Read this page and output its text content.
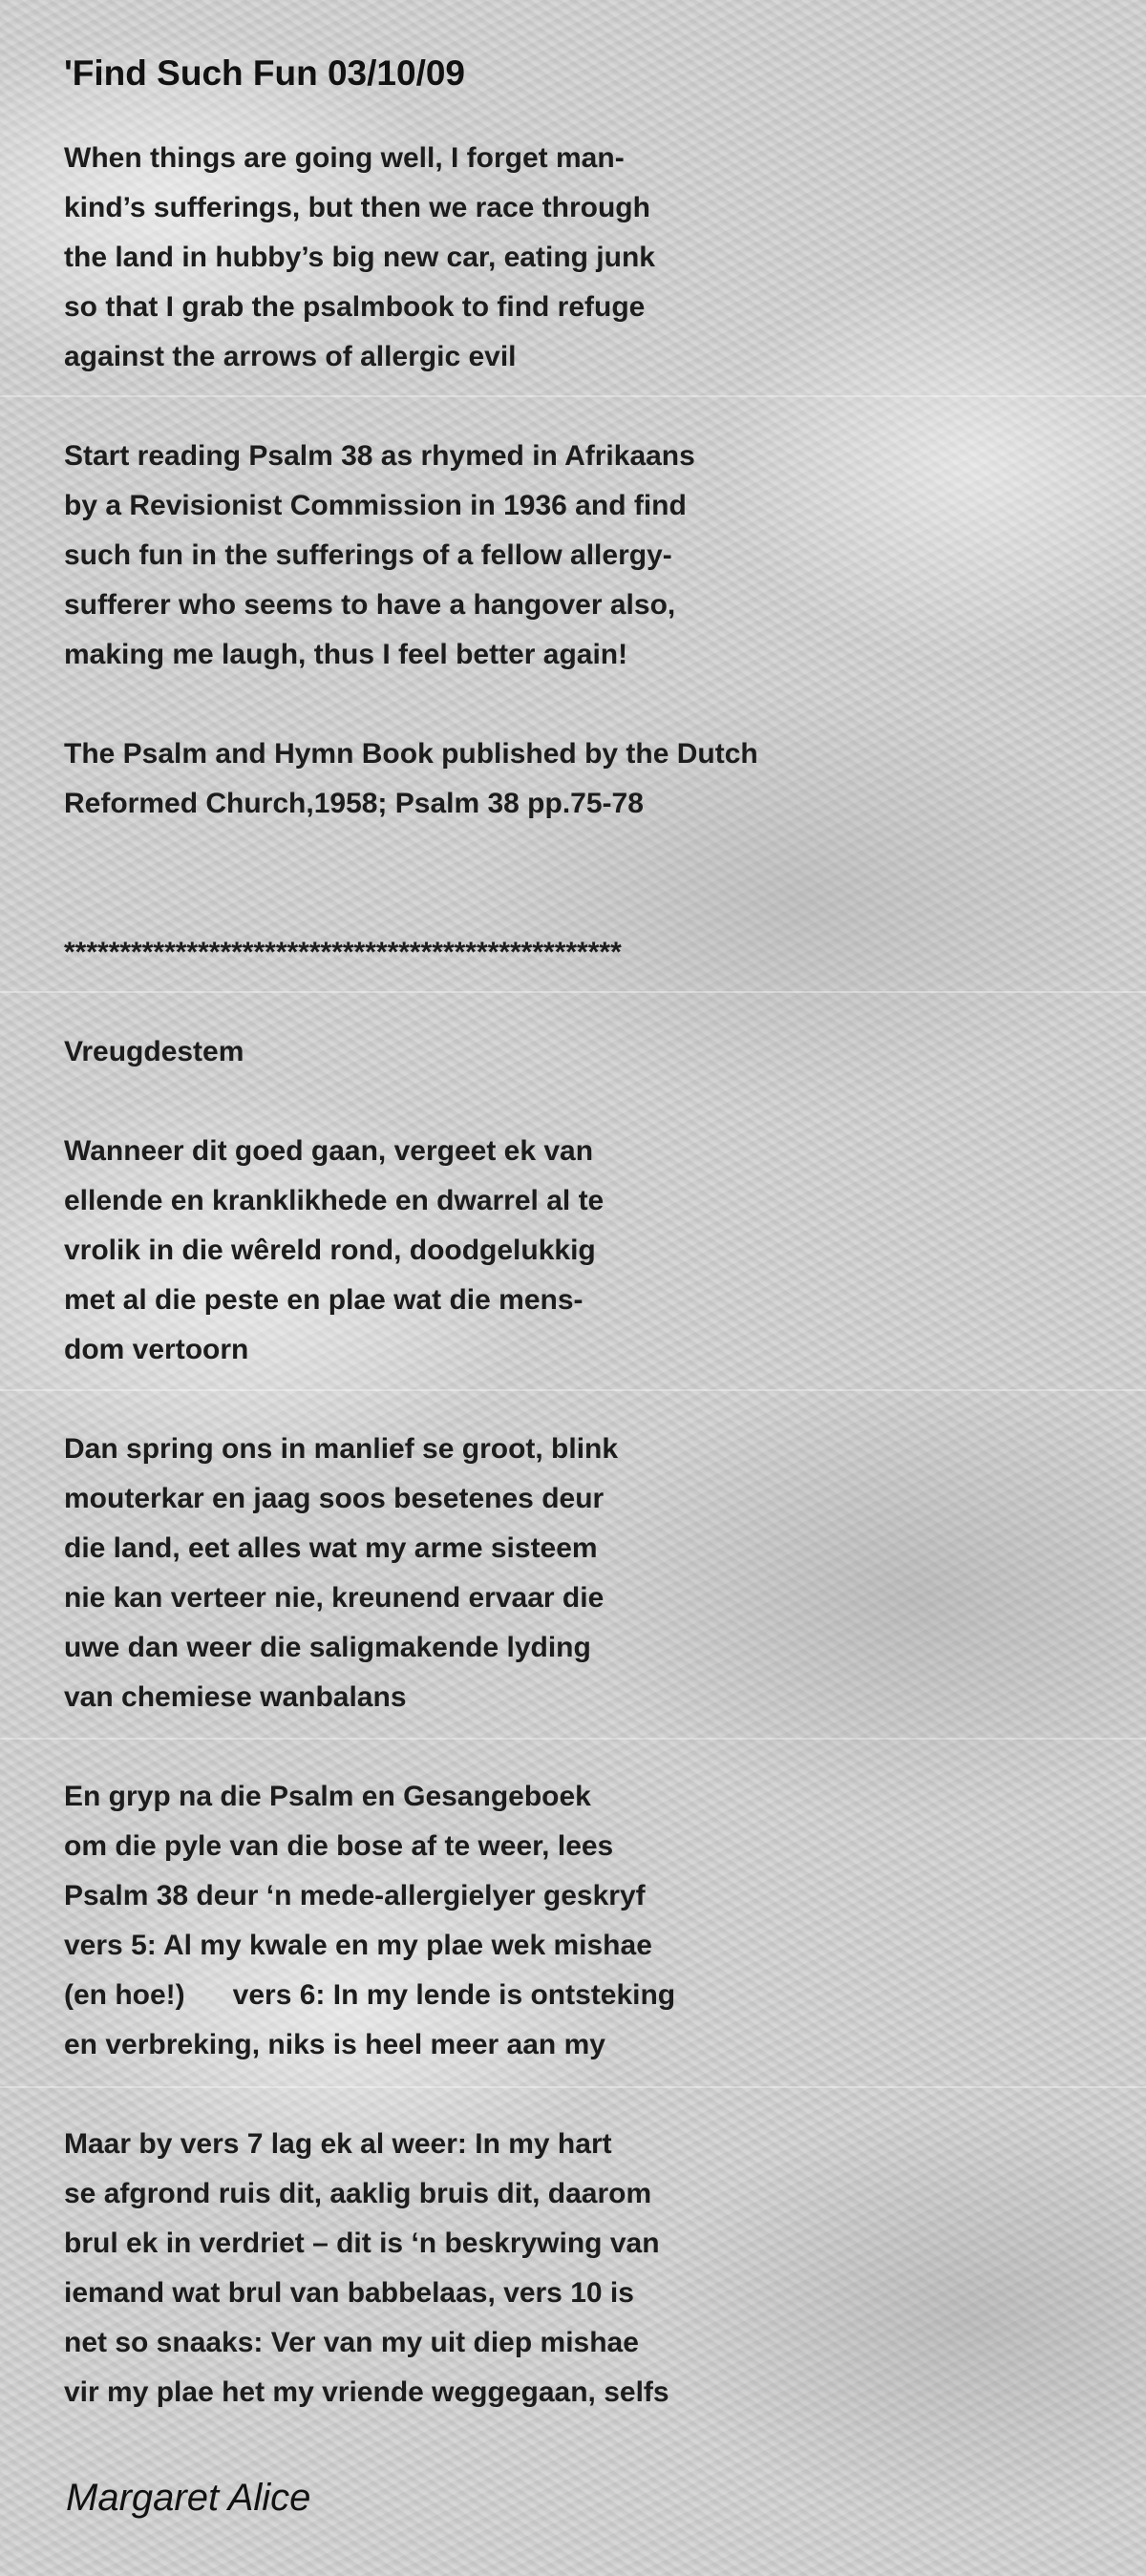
'Find Such Fun 03/10/09

When things are going well, I forget man-
kind’s sufferings, but then we race through
the land in hubby’s big new car, eating junk
so that I grab the psalmbook to find refuge
against the arrows of allergic evil

Start reading Psalm 38 as rhymed in Afrikaans
by a Revisionist Commission in 1936 and find
such fun in the sufferings of a fellow allergy-
sufferer who seems to have a hangover also,
making me laugh, thus I feel better again!

The Psalm and Hymn Book published by the Dutch
Reformed Church,1958; Psalm 38 pp.75-78

**************************************************

Vreugdestem

Wanneer dit goed gaan, vergeet ek van
ellende en kranklikhede en dwarrel al te
vrolik in die wêreld rond, doodgelukkig
met al die peste en plae wat die mens-
dom vertoorn

Dan spring ons in manlief se groot, blink
mouterkar en jaag soos besetenes deur
die land, eet alles wat my arme sisteem
nie kan verteer nie, kreunend ervaar die
uwe dan weer die saligmakende lyding
van chemiese wanbalans

En gryp na die Psalm en Gesangeboek
om die pyle van die bose af te weer, lees
Psalm 38 deur ‘n mede-allergielyer geskryf
vers 5: Al my kwale en my plae wek mishae
(en hoe!)      vers 6: In my lende is ontsteking
en verbreking, niks is heel meer aan my

Maar by vers 7 lag ek al weer: In my hart
se afgrond ruis dit, aaklig bruis dit, daarom
brul ek in verdriet – dit is ‘n beskrywing van
iemand wat brul van babbelaas, vers 10 is
net so snaaks: Ver van my uit diep mishae
vir my plae het my vriende weggegaan, selfs

Margaret Alice
